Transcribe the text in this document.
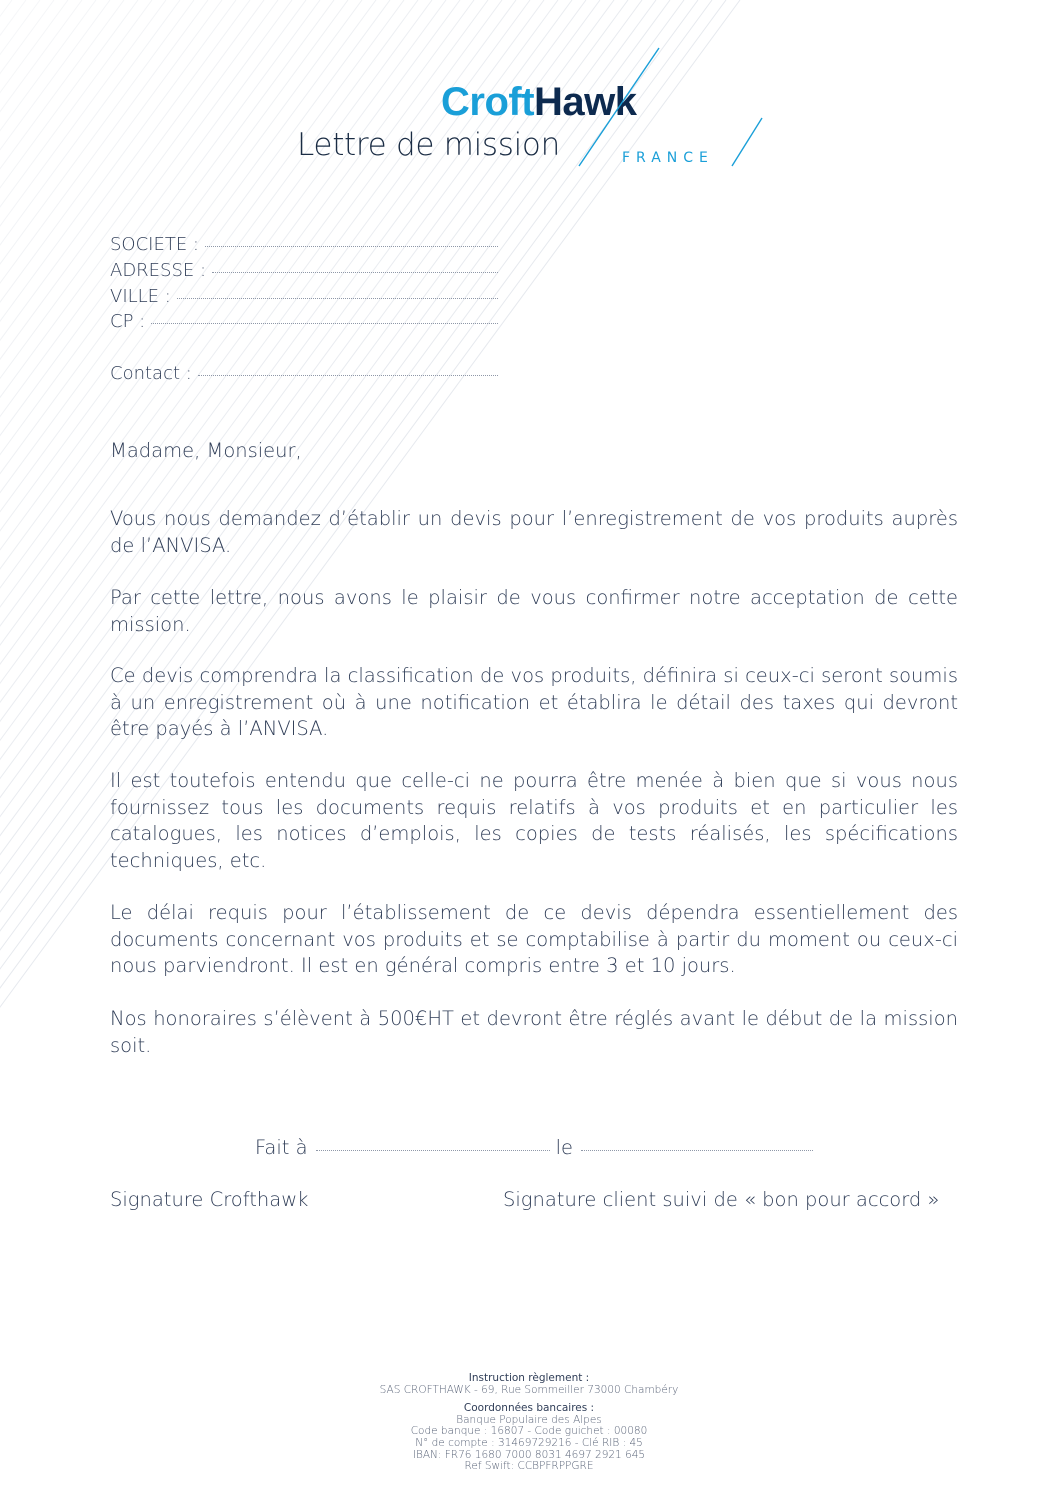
CroftHawk
Lettre de mission	FRANCE
SOCIETE :
ADRESSE :
VILLE :
CP :
Contact :
Madame, Monsieur,
Vous nous demandez d’établir un devis pour l’enregistrement de vos produits auprès de l’ANVISA.
Par cette lettre, nous avons le plaisir de vous confirmer notre acceptation de cette mission.
Ce devis comprendra la classification de vos produits, définira si ceux-ci seront soumis à un enregistrement où à une notification et établira le détail des taxes qui devront être payés à l’ANVISA.
Il est toutefois entendu que celle-ci ne pourra être menée à bien que si vous nous fournissez tous les documents requis relatifs à vos produits et en particulier les catalogues, les notices d’emplois, les copies de tests réalisés, les spécifications techniques, etc.
Le délai requis pour l’établissement de ce devis dépendra essentiellement des documents concernant vos produits et se comptabilise à partir du moment ou ceux-ci nous parviendront. Il est en général compris entre 3 et 10 jours.
Nos honoraires s’élèvent à 500€HT et devront être réglés avant le début de la mission soit.
Fait à	le
Signature Crofthawk	Signature client suivi de « bon pour accord »
Instruction règlement :
SAS CROFTHAWK - 69, Rue Sommeiller 73000 Chambéry
Coordonnées bancaires :
Banque Populaire des Alpes
Code banque : 16807 - Code guichet : 00080
N° de compte : 31469729216 - Clé RIB : 45
IBAN: FR76 1680 7000 8031 4697 2921 645
Ref Swift: CCBPFRPPGRE
